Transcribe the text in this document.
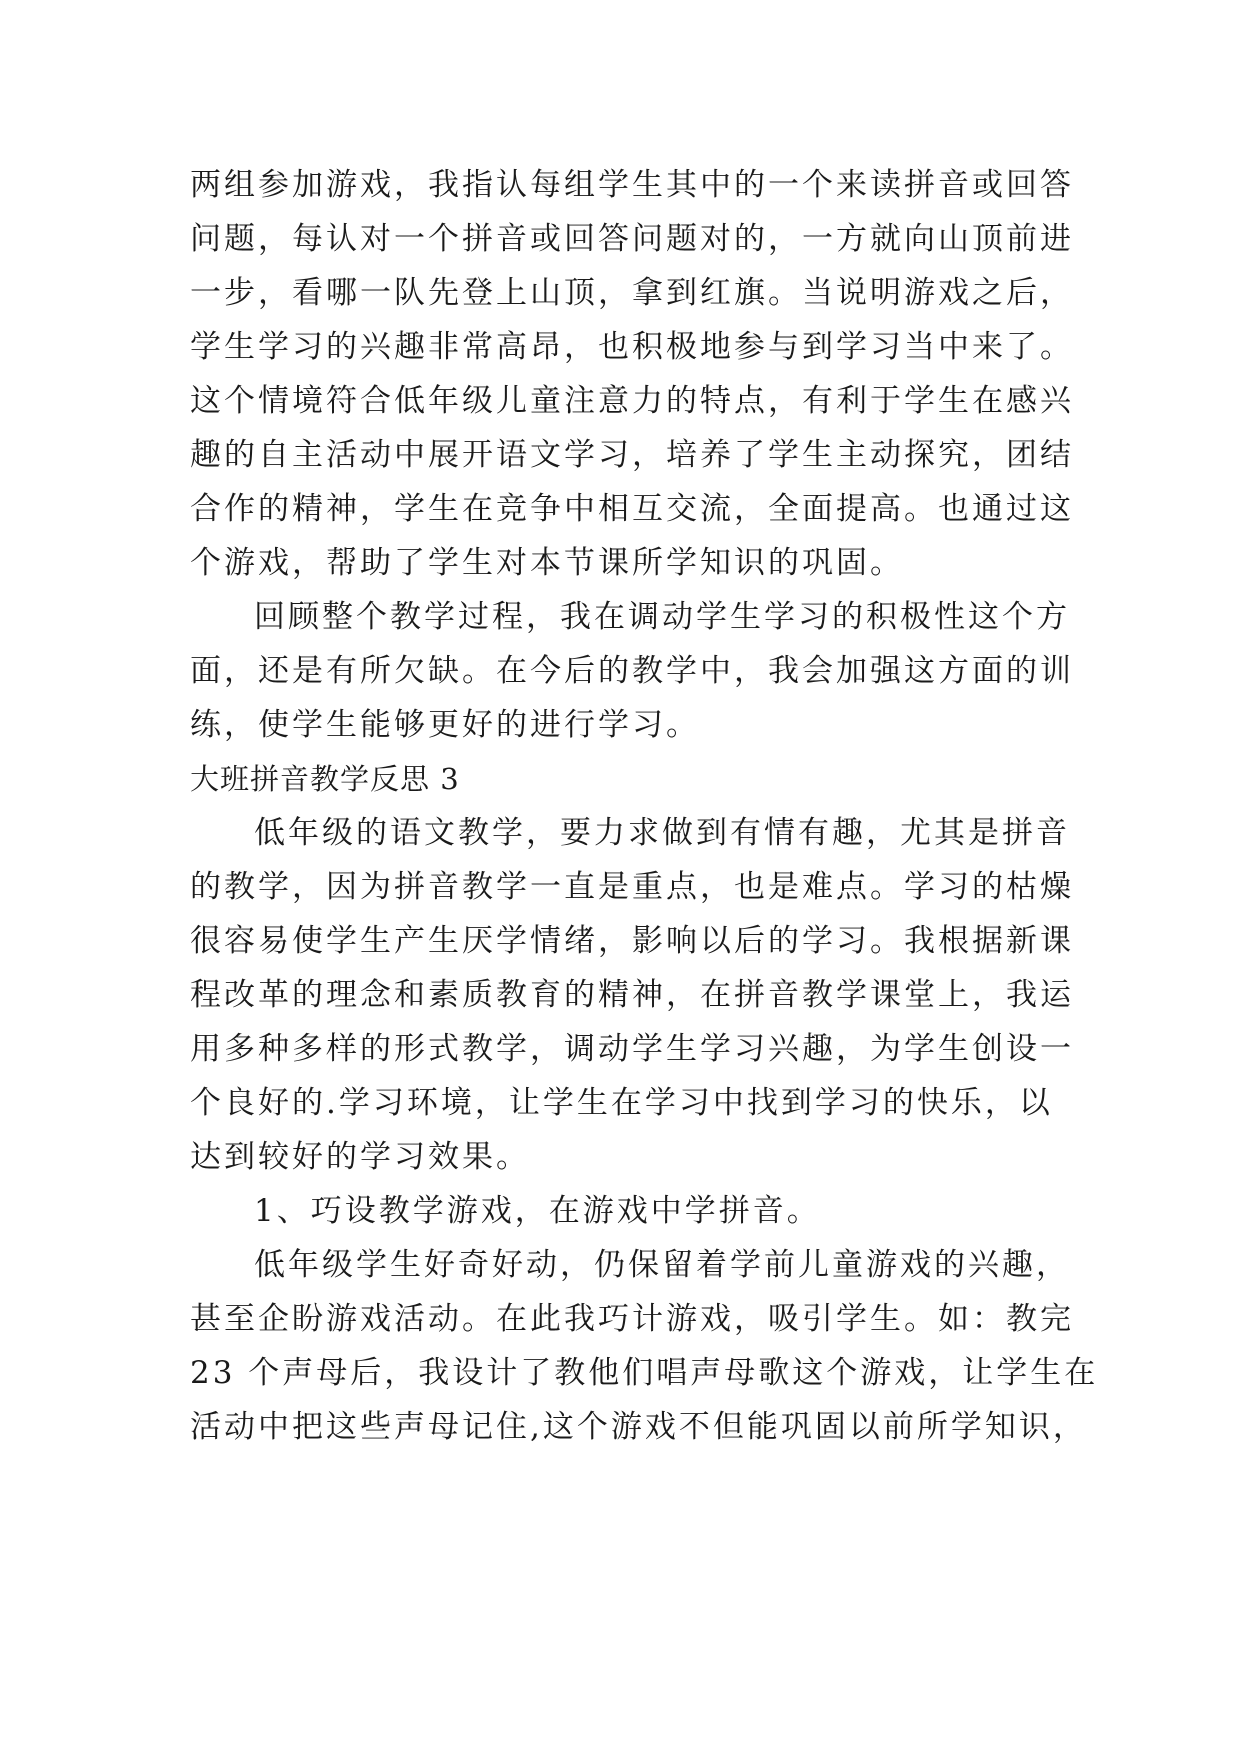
两组参加游戏，我指认每组学生其中的一个来读拼音或回答
问题，每认对一个拼音或回答问题对的，一方就向山顶前进
一步，看哪一队先登上山顶，拿到红旗。当说明游戏之后，
学生学习的兴趣非常高昂，也积极地参与到学习当中来了。
这个情境符合低年级儿童注意力的特点，有利于学生在感兴
趣的自主活动中展开语文学习，培养了学生主动探究，团结
合作的精神，学生在竞争中相互交流，全面提高。也通过这
个游戏，帮助了学生对本节课所学知识的巩固。
回顾整个教学过程，我在调动学生学习的积极性这个方
面，还是有所欠缺。在今后的教学中，我会加强这方面的训
练，使学生能够更好的进行学习。
大班拼音教学反思 3
低年级的语文教学，要力求做到有情有趣，尤其是拼音
的教学，因为拼音教学一直是重点，也是难点。学习的枯燥
很容易使学生产生厌学情绪，影响以后的学习。我根据新课
程改革的理念和素质教育的精神，在拼音教学课堂上，我运
用多种多样的形式教学，调动学生学习兴趣，为学生创设一
个良好的.学习环境，让学生在学习中找到学习的快乐，以
达到较好的学习效果。
1、巧设教学游戏，在游戏中学拼音。
低年级学生好奇好动，仍保留着学前儿童游戏的兴趣，
甚至企盼游戏活动。在此我巧计游戏，吸引学生。如：教完
23 个声母后，我设计了教他们唱声母歌这个游戏，让学生在
活动中把这些声母记住,这个游戏不但能巩固以前所学知识，
